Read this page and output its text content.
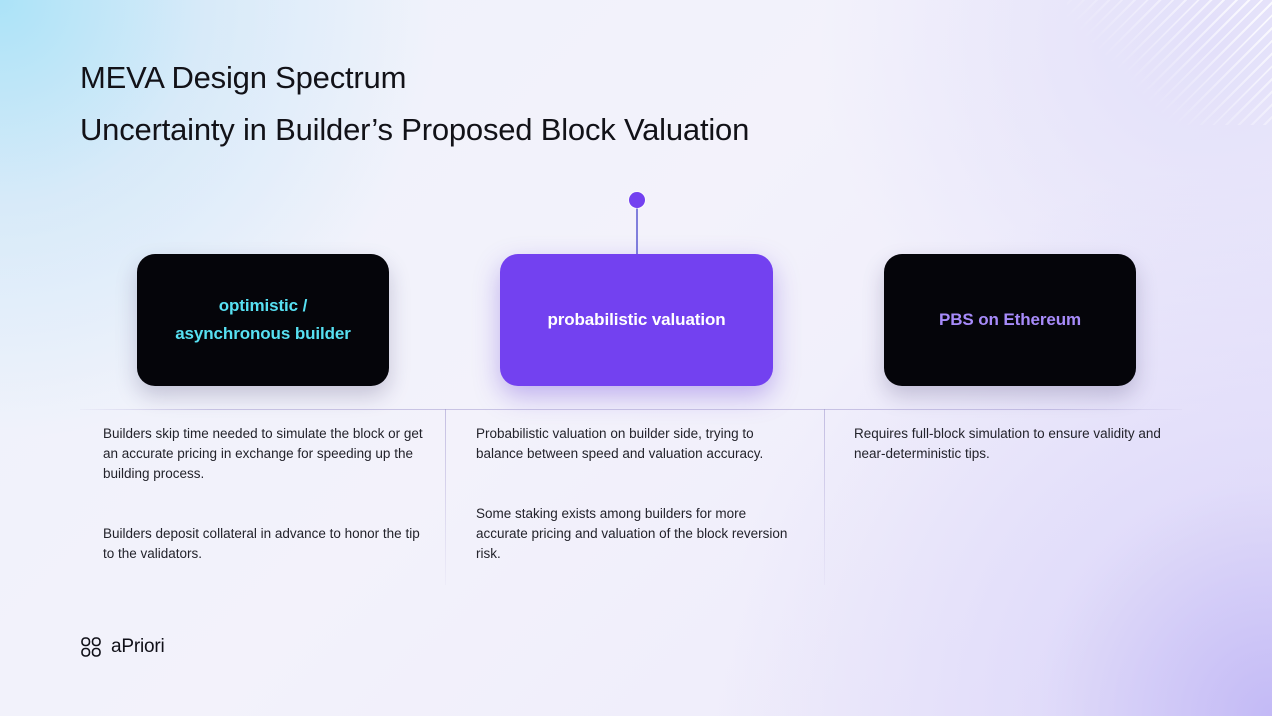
MEVA Design Spectrum
Uncertainty in Builder’s Proposed Block Valuation
optimistic /
asynchronous builder
probabilistic valuation	PBS on Ethereum
Builders skip time needed to simulate the block or get an accurate pricing in exchange for speeding up the building process.
Builders deposit collateral in advance to honor the tip to the validators.
Probabilistic valuation on builder side, trying to balance between speed and valuation accuracy.
Some staking exists among builders for more accurate pricing and valuation of the block reversion risk.
Requires full-block simulation to ensure validity and near-deterministic tips.
aPriori
